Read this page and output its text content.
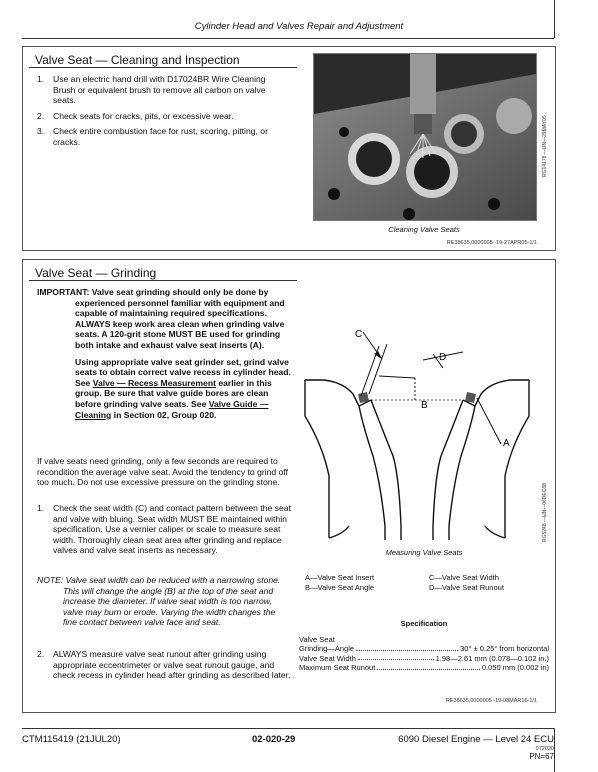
Cylinder Head and Valves Repair and Adjustment
Valve Seat — Cleaning and Inspection
1. Use an electric hand drill with D17024BR Wire Cleaning Brush or equivalent brush to remove all carbon on valve seats.
2. Check seats for cracks, pits, or excessive wear.
3. Check entire combustion face for rust, scoring, pitting, or cracks.	RG14178 —UN—29MAY05
Cleaning Valve Seats
RE38635,0000005 -19-27APR05-1/1
Valve Seat — Grinding
IMPORTANT: Valve seat grinding should only be done by experienced personnel familiar with equipment and capable of maintaining required specifications. ALWAYS keep work area clean when grinding valve seats. A 120-grit stone MUST BE used for grinding both intake and exhaust valve seat inserts (A).
Using appropriate valve seat grinder set, grind valve seats to obtain correct valve recess in cylinder head. See Valve — Recess Measurement earlier in this group. Be sure that valve guide bores are clean before grinding valve seats. See Valve Guide — Cleaning in Section 02, Group 020.
If valve seats need grinding, only a few seconds are required to recondition the average valve seat. Avoid the tendency to grind off too much. Do not use excessive pressure on the grinding stone.
1. Check the seat width (C) and contact pattern between the seat and valve with bluing. Seat width MUST BE maintained within specification. Use a vernier caliper or scale to measure seat width. Thoroughly clean seat area after grinding and replace valves and valve seat inserts as necessary.
NOTE: Valve seat width can be reduced with a narrowing stone. This will change the angle (B) at the top of the seat and increase the diameter. If valve seat width is too narrow, valve may burn or erode. Varying the width changes the fine contact between valve face and seat.
2. ALWAYS measure valve seat runout after grinding using appropriate eccentrimeter or valve seat runout gauge, and check recess in cylinder head after grinding as described later.
C
D
B
A
RG5248 —UN—06DEC88
Measuring Valve Seats
A—Valve Seat Insert
B—Valve Seat Angle
C—Valve Seat Width
D—Valve Seat Runout
Specification
Valve Seat
Grinding—Angle	30° ± 0.25° from horizontal
Valve Seat Width	1.98—2.61 mm (0.078—0.102 in.)
Maximum Seat Runout	0.050 mm (0.002 in)
RE38635,0000005 -19-08MAR16-1/1
CTM115419 (21JUL20)	02-020-29	6090 Diesel Engine — Level 24 ECU
072020
PN=67
